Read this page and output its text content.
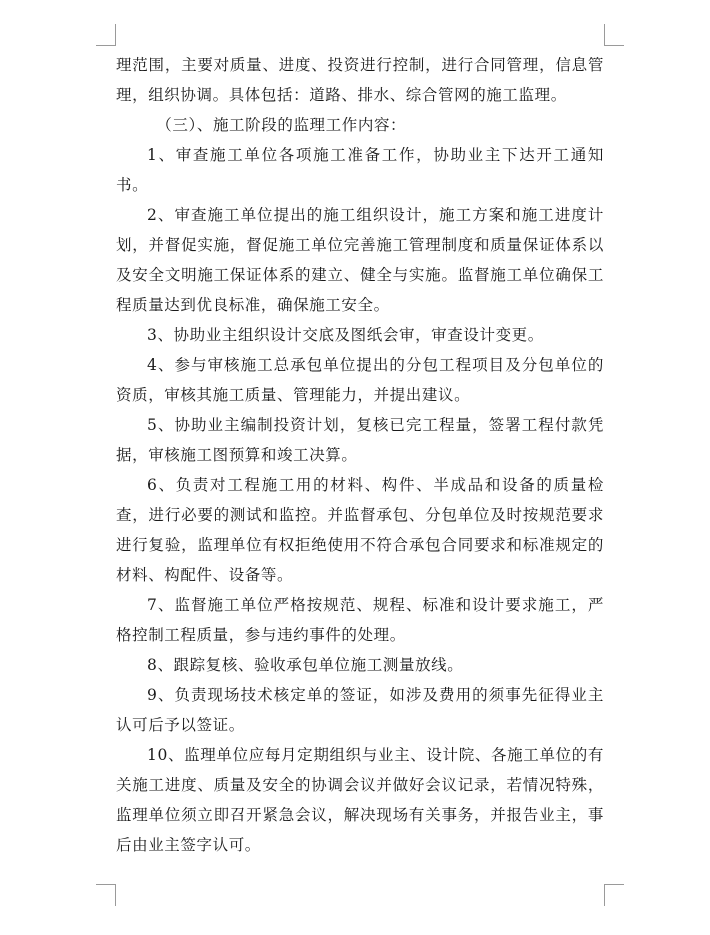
理范围，主要对质量、进度、投资进行控制，进行合同管理，信息管理，组织协调。具体包括：道路、排水、综合管网的施工监理。

（三）、施工阶段的监理工作内容：

1、审查施工单位各项施工准备工作，协助业主下达开工通知书。

2、审查施工单位提出的施工组织设计，施工方案和施工进度计划，并督促实施，督促施工单位完善施工管理制度和质量保证体系以及安全文明施工保证体系的建立、健全与实施。监督施工单位确保工程质量达到优良标准，确保施工安全。

3、协助业主组织设计交底及图纸会审，审查设计变更。

4、参与审核施工总承包单位提出的分包工程项目及分包单位的资质，审核其施工质量、管理能力，并提出建议。

5、协助业主编制投资计划，复核已完工程量，签署工程付款凭据，审核施工图预算和竣工决算。

6、负责对工程施工用的材料、构件、半成品和设备的质量检查，进行必要的测试和监控。并监督承包、分包单位及时按规范要求进行复验，监理单位有权拒绝使用不符合承包合同要求和标准规定的材料、构配件、设备等。

7、监督施工单位严格按规范、规程、标准和设计要求施工，严格控制工程质量，参与违约事件的处理。

8、跟踪复核、验收承包单位施工测量放线。

9、负责现场技术核定单的签证，如涉及费用的须事先征得业主认可后予以签证。

10、监理单位应每月定期组织与业主、设计院、各施工单位的有关施工进度、质量及安全的协调会议并做好会议记录，若情况特殊，监理单位须立即召开紧急会议，解决现场有关事务，并报告业主，事后由业主签字认可。
